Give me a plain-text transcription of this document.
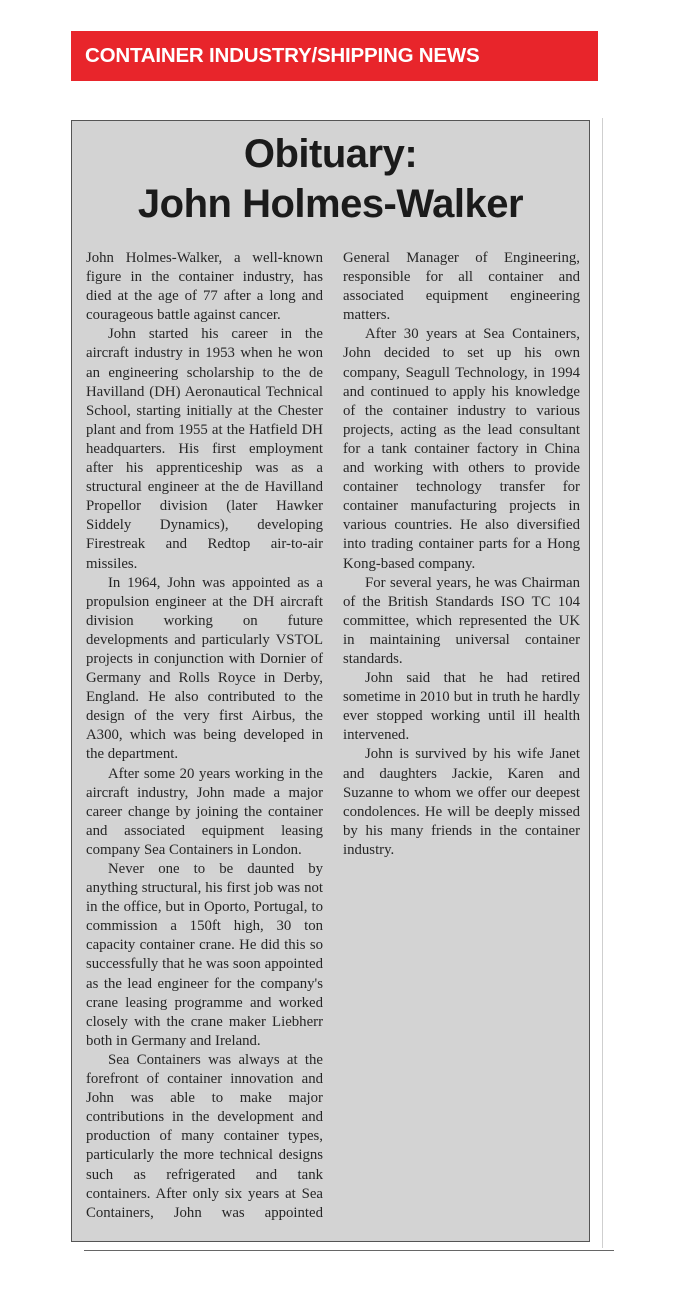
CONTAINER INDUSTRY/SHIPPING NEWS
Obituary:
John Holmes-Walker

John Holmes-Walker, a well-known figure in the container industry, has died at the age of 77 after a long and courageous battle against cancer.

John started his career in the aircraft industry in 1953 when he won an engineering scholarship to the de Havilland (DH) Aeronautical Technical School, starting initially at the Chester plant and from 1955 at the Hatfield DH headquarters. His first employment after his apprenticeship was as a structural engineer at the de Havilland Propellor division (later Hawker Siddely Dynamics), developing Firestreak and Redtop air-to-air missiles.

In 1964, John was appointed as a propulsion engineer at the DH aircraft division working on future developments and particularly VSTOL projects in conjunction with Dornier of Germany and Rolls Royce in Derby, England. He also contributed to the design of the very first Airbus, the A300, which was being developed in the department.

After some 20 years working in the aircraft industry, John made a major career change by joining the container and associated equipment leasing company Sea Containers in London.

Never one to be daunted by anything structural, his first job was not in the office, but in Oporto, Portugal, to commission a 150ft high, 30 ton capacity container crane. He did this so successfully that he was soon appointed as the lead engineer for the company's crane leasing programme and worked closely with the crane maker Liebherr both in Germany and Ireland.

Sea Containers was always at the forefront of container innovation and John was able to make major contributions in the development and production of many container types, particularly the more technical designs such as refrigerated and tank containers. After only six years at Sea Containers, John was appointed General Manager of Engineering, responsible for all container and associated equipment engineering matters.

After 30 years at Sea Containers, John decided to set up his own company, Seagull Technology, in 1994 and continued to apply his knowledge of the container industry to various projects, acting as the lead consultant for a tank container factory in China and working with others to provide container technology transfer for container manufacturing projects in various countries. He also diversified into trading container parts for a Hong Kong-based company.

For several years, he was Chairman of the British Standards ISO TC 104 committee, which represented the UK in maintaining universal container standards.

John said that he had retired sometime in 2010 but in truth he hardly ever stopped working until ill health intervened.

John is survived by his wife Janet and daughters Jackie, Karen and Suzanne to whom we offer our deepest condolences. He will be deeply missed by his many friends in the container industry.
